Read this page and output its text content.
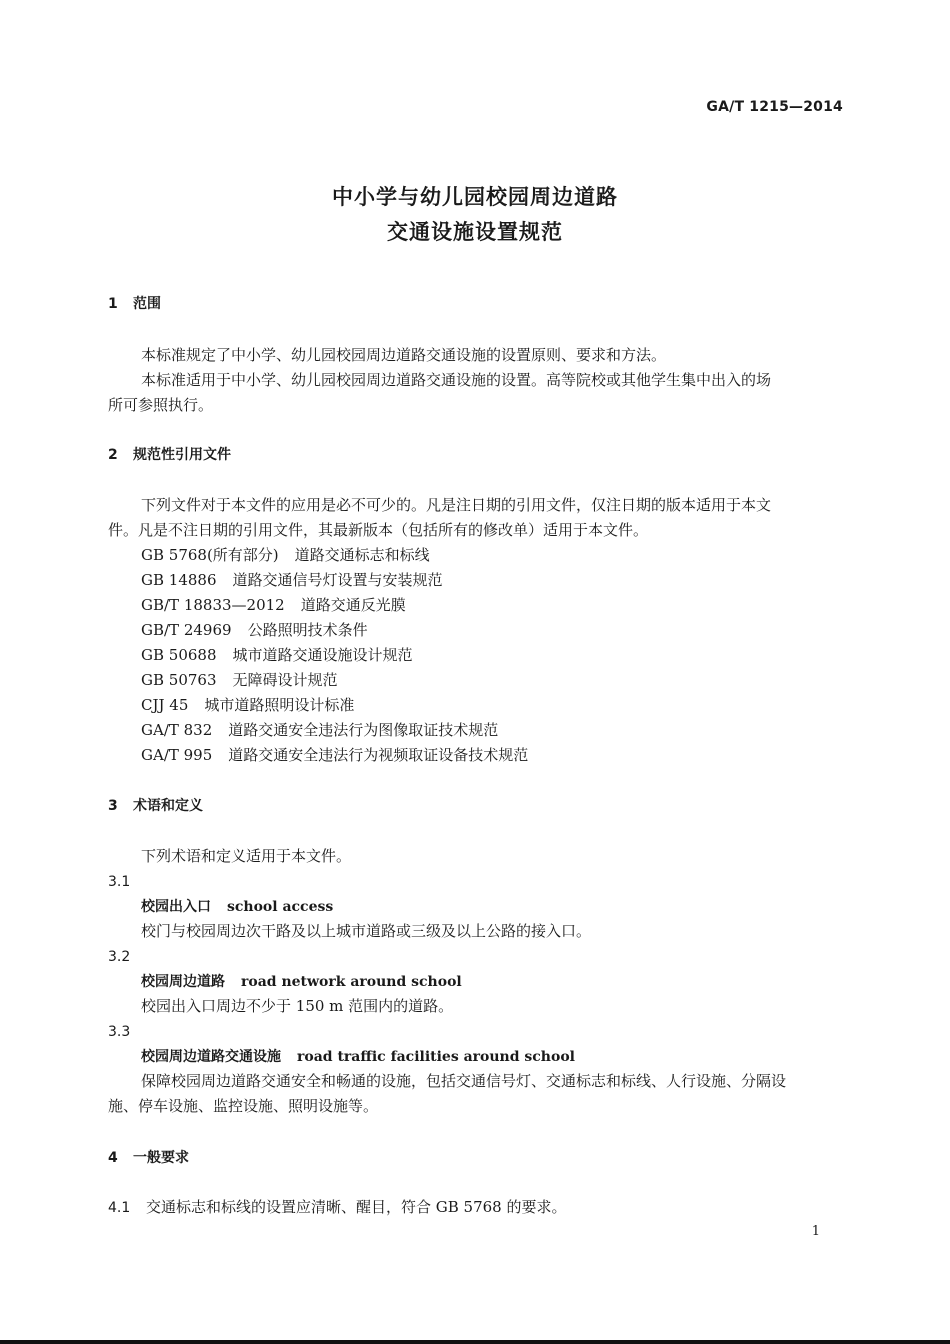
GA/T 1215—2014
中小学与幼儿园校园周边道路
交通设施设置规范
1 范围
本标准规定了中小学、幼儿园校园周边道路交通设施的设置原则、要求和方法。
本标准适用于中小学、幼儿园校园周边道路交通设施的设置。高等院校或其他学生集中出入的场
所可参照执行。
2 规范性引用文件
下列文件对于本文件的应用是必不可少的。凡是注日期的引用文件，仅注日期的版本适用于本文
件。凡是不注日期的引用文件，其最新版本（包括所有的修改单）适用于本文件。
GB 5768(所有部分) 道路交通标志和标线
GB 14886 道路交通信号灯设置与安装规范
GB/T 18833—2012 道路交通反光膜
GB/T 24969 公路照明技术条件
GB 50688 城市道路交通设施设计规范
GB 50763 无障碍设计规范
CJJ 45 城市道路照明设计标准
GA/T 832 道路交通安全违法行为图像取证技术规范
GA/T 995 道路交通安全违法行为视频取证设备技术规范
3 术语和定义
下列术语和定义适用于本文件。
3.1
校园出入口 school access
校门与校园周边次干路及以上城市道路或三级及以上公路的接入口。
3.2
校园周边道路 road network around school
校园出入口周边不少于 150 m 范围内的道路。
3.3
校园周边道路交通设施 road traffic facilities around school
保障校园周边道路交通安全和畅通的设施，包括交通信号灯、交通标志和标线、人行设施、分隔设
施、停车设施、监控设施、照明设施等。
4 一般要求
4.1 交通标志和标线的设置应清晰、醒目，符合 GB 5768 的要求。
1
